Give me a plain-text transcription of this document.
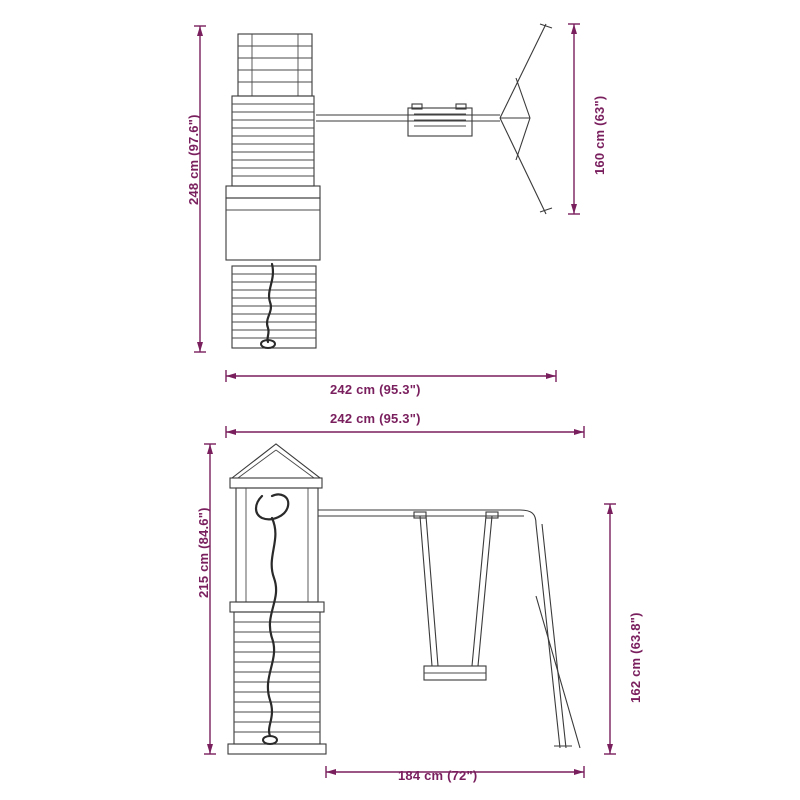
248 cm (97.6")	160 cm (63")
242 cm (95.3")
242 cm (95.3")
215 cm (84.6")
162 cm (63.8")
184 cm (72")
